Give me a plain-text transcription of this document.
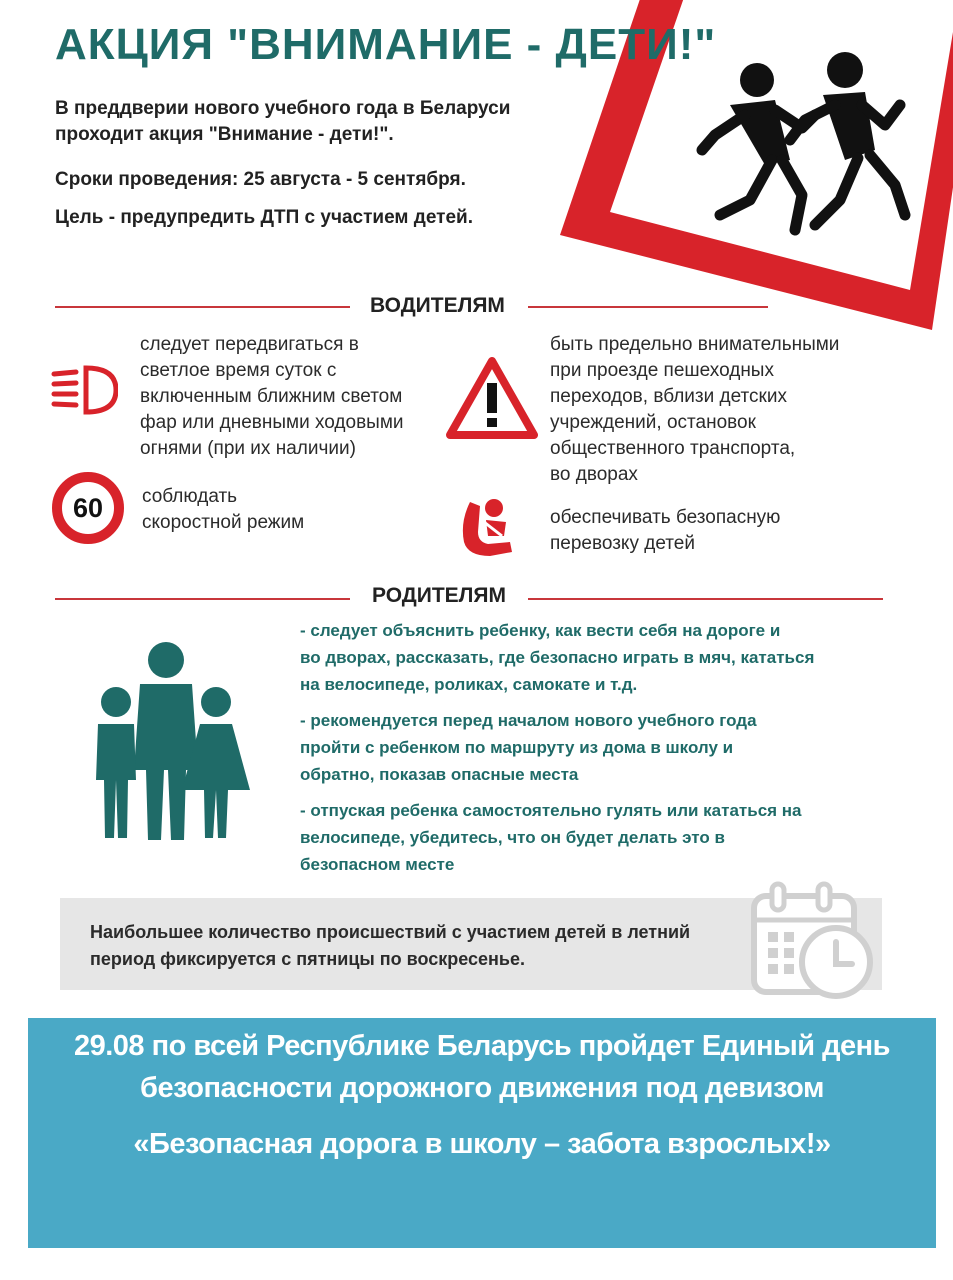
АКЦИЯ "ВНИМАНИЕ - ДЕТИ!"
В преддверии нового учебного года в Беларуси
проходит акция "Внимание - дети!".
Сроки проведения: 25 августа - 5 сентября.
Цель - предупредить ДТП с участием детей.
ВОДИТЕЛЯМ
следует передвигаться в
светлое время суток с
включенным ближним светом
фар или дневными ходовыми
огнями (при их наличии)
60	соблюдать
скоростной режим
быть предельно внимательными
при проезде пешеходных
переходов, вблизи детских
учреждений, остановок
общественного транспорта,
во дворах
обеспечивать безопасную
перевозку детей
РОДИТЕЛЯМ
- следует объяснить ребенку, как вести себя на дороге и
во дворах, рассказать, где безопасно играть в мяч, кататься
на велосипеде, роликах, самокате и т.д.
- рекомендуется перед началом нового учебного года
пройти с ребенком по маршруту из дома в школу и
обратно, показав опасные места
- отпуская ребенка самостоятельно гулять или кататься на
велосипеде, убедитесь, что он будет делать это в
безопасном месте
Наибольшее количество происшествий с участием детей в летний
период фиксируется с пятницы по воскресенье.
29.08 по всей Республике Беларусь пройдет Единый день
безопасности дорожного движения под девизом
«Безопасная дорога в школу – забота взрослых!»
